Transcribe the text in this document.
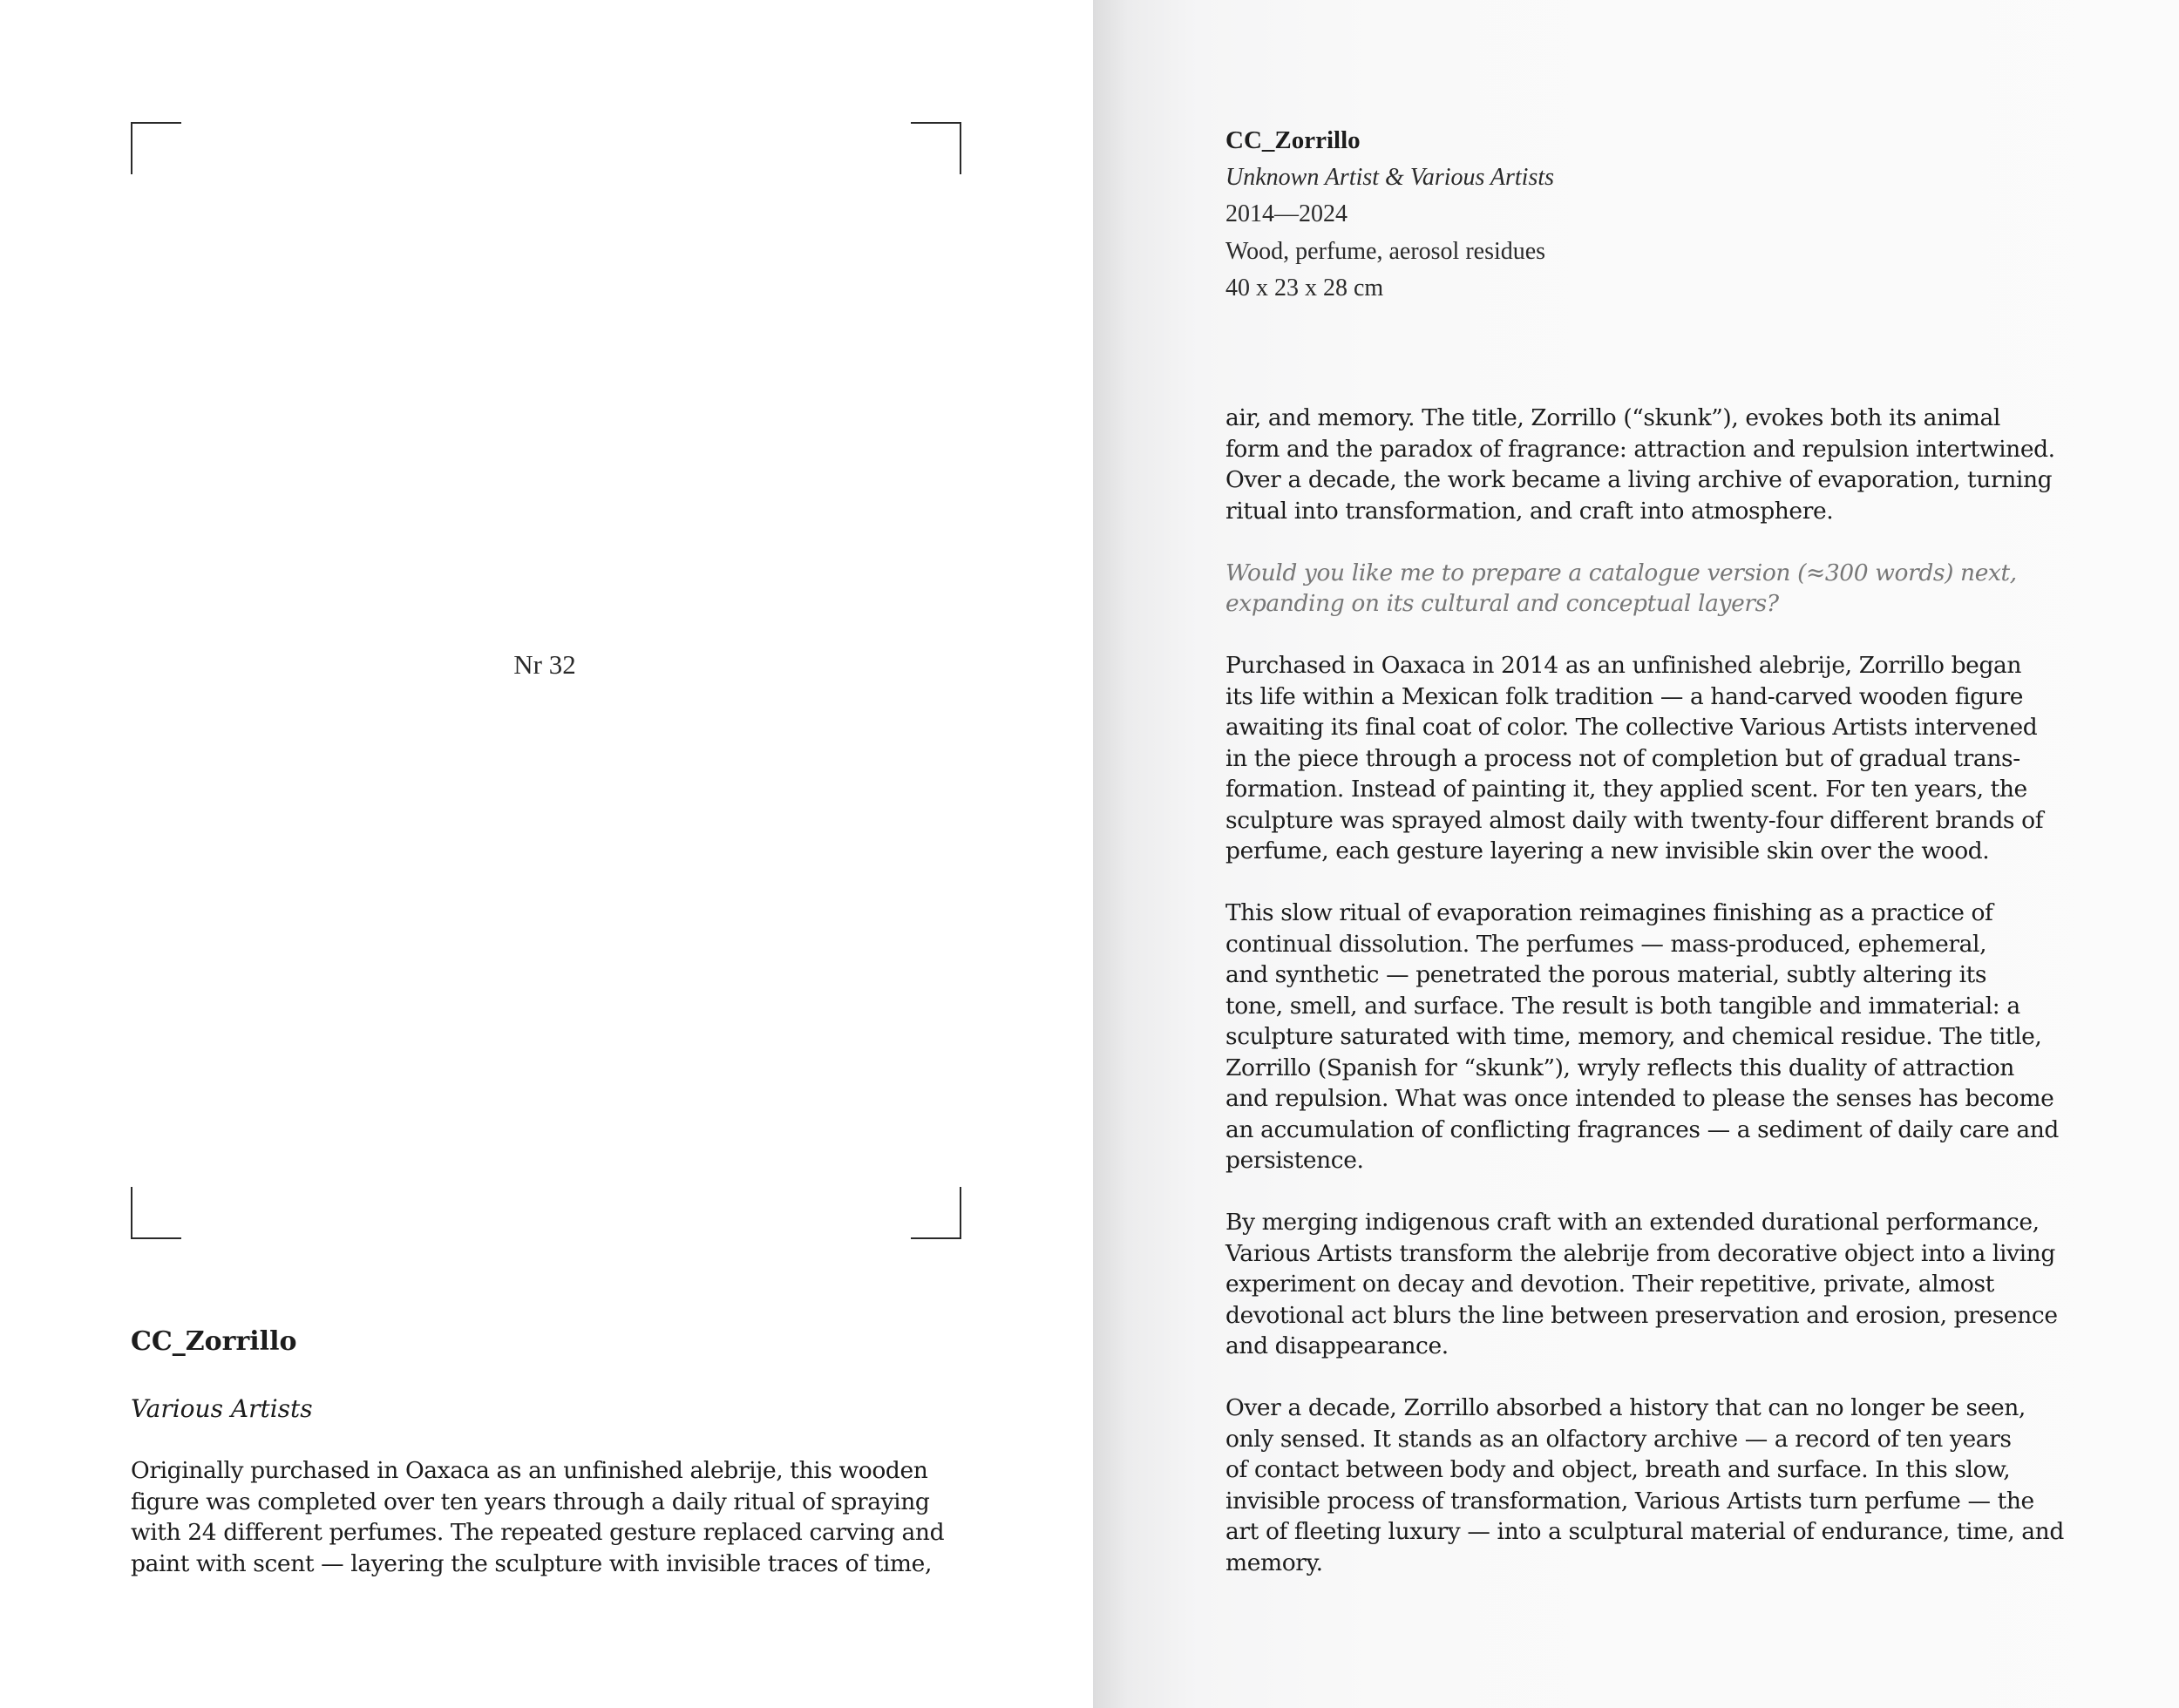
Nr 32
CC_Zorrillo
Various Artists

Originally purchased in Oaxaca as an unfinished alebrije, this wooden
figure was completed over ten years through a daily ritual of spraying
with 24 different perfumes. The repeated gesture replaced carving and
paint with scent — layering the sculpture with invisible traces of time,

CC_Zorrillo
Unknown Artist & Various Artists
2014—2024
Wood, perfume, aerosol residues
40 x 23 x 28 cm

air, and memory. The title, Zorrillo (“skunk”), evokes both its animal
form and the paradox of fragrance: attraction and repulsion intertwined.
Over a decade, the work became a living archive of evaporation, turning
ritual into transformation, and craft into atmosphere.

Would you like me to prepare a catalogue version (≈300 words) next,
expanding on its cultural and conceptual layers?

Purchased in Oaxaca in 2014 as an unfinished alebrije, Zorrillo began
its life within a Mexican folk tradition — a hand-carved wooden figure
awaiting its final coat of color. The collective Various Artists intervened
in the piece through a process not of completion but of gradual trans-
formation. Instead of painting it, they applied scent. For ten years, the
sculpture was sprayed almost daily with twenty-four different brands of
perfume, each gesture layering a new invisible skin over the wood.

This slow ritual of evaporation reimagines finishing as a practice of
continual dissolution. The perfumes — mass-produced, ephemeral,
and synthetic — penetrated the porous material, subtly altering its
tone, smell, and surface. The result is both tangible and immaterial: a
sculpture saturated with time, memory, and chemical residue. The title,
Zorrillo (Spanish for “skunk”), wryly reflects this duality of attraction
and repulsion. What was once intended to please the senses has become
an accumulation of conflicting fragrances — a sediment of daily care and
persistence.

By merging indigenous craft with an extended durational performance,
Various Artists transform the alebrije from decorative object into a living
experiment on decay and devotion. Their repetitive, private, almost
devotional act blurs the line between preservation and erosion, presence
and disappearance.

Over a decade, Zorrillo absorbed a history that can no longer be seen,
only sensed. It stands as an olfactory archive — a record of ten years
of contact between body and object, breath and surface. In this slow,
invisible process of transformation, Various Artists turn perfume — the
art of fleeting luxury — into a sculptural material of endurance, time, and
memory.
